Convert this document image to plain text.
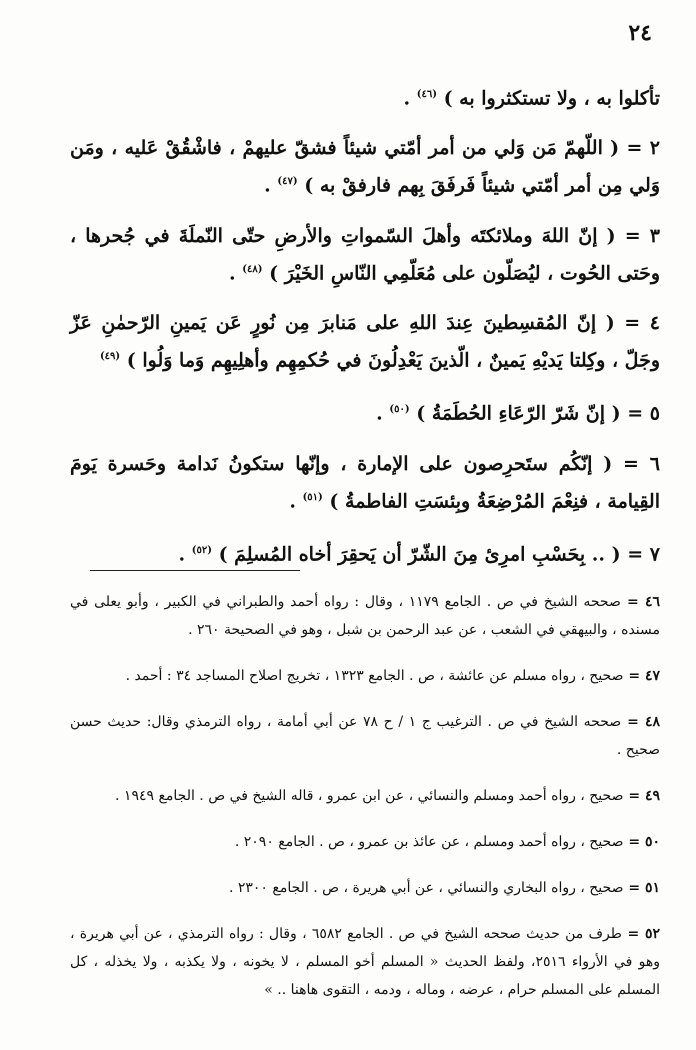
٢٤

تأكلوا به ، ولا تستكثروا به ) $^{(٤٦)}$ .

٢ = ( اللّهمّ مَن وَلي من أمر أمّتي شيئاً فشقّ عليهمْ ، فاشْقُقْ عَليه ، ومَن وَلي مِن أمر أمّتي شيئاً فَرفَقَ بِهم فارفقْ به ) $^{(٤٧)}$ .

٣ = ( إنّ اللهَ وملائكتَه وأهلَ السّمواتِ والأرضِ حتّى النّملَةَ في جُحرها ، وحَتى الحُوت ، ليُصَلّون على مُعَلّمِي النّاسِ الخَيْرَ ) $^{(٤٨)}$ .

٤ = ( إنّ المُقسِطينَ عِندَ اللهِ على مَنابرَ مِن نُورٍ عَن يَمينِ الرّحمٰنِ عَزّ وجَلّ ، وكِلتا يَديْهِ يَمينٌ ، الّذينَ يَعْدِلُونَ في حُكمِهِم وأهلِيهِم وَما وَلُوا ) $^{(٤٩)}$

٥ = ( إنّ شَرّ الرّعَاءِ الحُطَمَةُ ) $^{(٥٠)}$ .

٦ = ( إنّكُم ستَحرِصون على الإمارة ، وإنّها ستكونُ نَدامة وحَسرة يَومَ القِيامة ، فنِعْمَ المُرْضِعَةُ وبِئسَتِ الفاطمةُ ) $^{(٥١)}$ .

٧ = ( .. بِحَسْبِ امرِئ مِنَ الشّرّ أن يَحقِرَ أخاه المُسلِمَ ) $^{(٥٢)}$ .

٤٦ = صححه الشيخ في ص . الجامع ١١٧٩ ، وقال : رواه أحمد والطبراني في الكبير ، وأبو يعلى في مسنده ، والبيهقي في الشعب ، عن عبد الرحمن بن شبل ، وهو في الصحيحة ٢٦٠ .

٤٧ = صحيح ، رواه مسلم عن عائشة ، ص . الجامع ١٣٢٣ ، تخريج اصلاح المساجد ٣٤ : أحمد .

٤٨ = صححه الشيخ في ص . الترغيب ج ١ / ح ٧٨ عن أبي أمامة ، رواه الترمذي وقال: حديث حسن صحيح .

٤٩ = صحيح ، رواه أحمد ومسلم والنسائي ، عن ابن عمرو ، قاله الشيخ في ص . الجامع ١٩٤٩ .

٥٠ = صحيح ، رواه أحمد ومسلم ، عن عائذ بن عمرو ، ص . الجامع ٢٠٩٠ .

٥١ = صحيح ، رواه البخاري والنسائي ، عن أبي هريرة ، ص . الجامع ٢٣٠٠ .

٥٢ = طرف من حديث صححه الشيخ في ص . الجامع ٦٥٨٢ ، وقال : رواه الترمذي ، عن أبي هريرة ، وهو في الأرواء ٢٥١٦، ولفظ الحديث « المسلم أخو المسلم ، لا يخونه ، ولا يكذبه ، ولا يخذله ، كل المسلم على المسلم حرام ، عرضه ، وماله ، ودمه ، التقوى هاهنا .. »
